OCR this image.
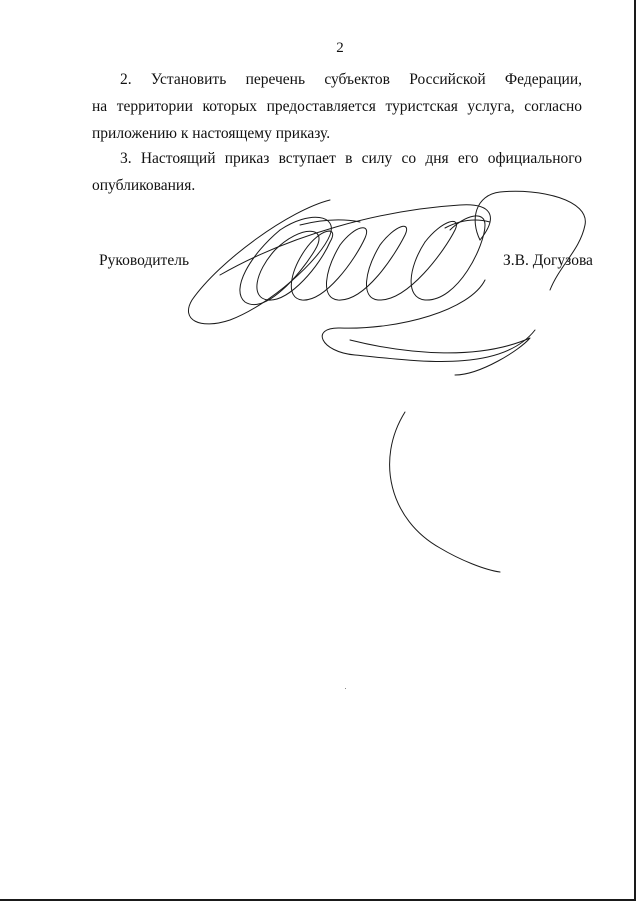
2
2. Установить перечень субъектов Российской Федерации,
на территории которых предоставляется туристская услуга, согласно
приложению к настоящему приказу.
3. Настоящий приказ вступает в силу со дня его официального
опубликования.
Руководитель	З.В. Догузова
